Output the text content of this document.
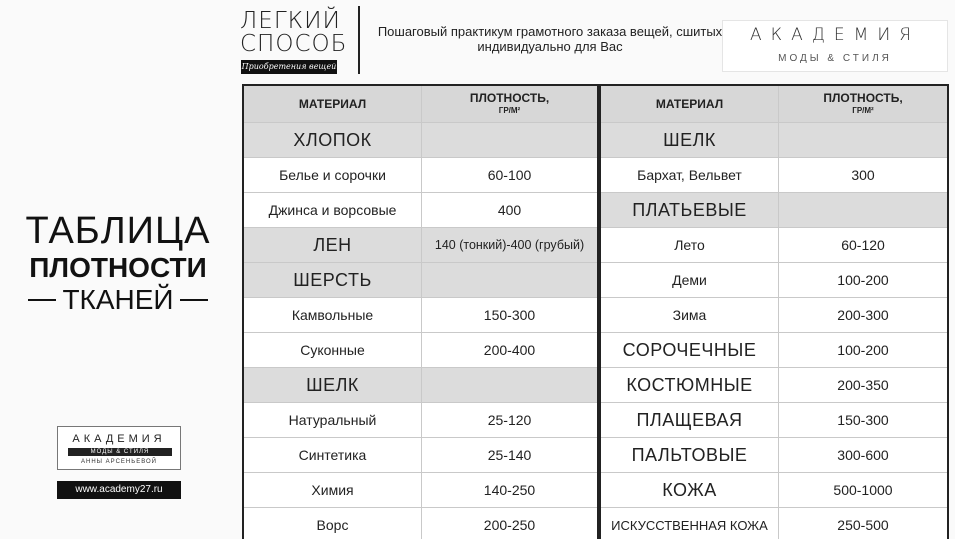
ЛЕГКИЙ
СПОСОБ
Приобретения вещей
Пошаговый практикум грамотного заказа вещей, сшитых индивидуально для Вас
АКАДЕМИЯ
МОДЫ & СТИЛЯ
ТАБЛИЦА
ПЛОТНОСТИ
ТКАНЕЙ
АКАДЕМИЯ
МОДЫ & СТИЛЯ
АННЫ АРСЕНЬЕВОЙ
www.academy27.ru
МАТЕРИАЛ	ПЛОТНОСТЬ,
ГР/М²
ХЛОПОК
Белье и сорочки	60-100
Джинса и ворсовые	400
ЛЕН	140 (тонкий)-400 (грубый)
ШЕРСТЬ
Камвольные	150-300
Суконные	200-400
ШЕЛК
Натуральный	25-120
Синтетика	25-140
Химия	140-250
Ворс	200-250
МАТЕРИАЛ	ПЛОТНОСТЬ,
ГР/М²
ШЕЛК
Бархат, Вельвет	300
ПЛАТЬЕВЫЕ
Лето	60-120
Деми	100-200
Зима	200-300
СОРОЧЕЧНЫЕ	100-200
КОСТЮМНЫЕ	200-350
ПЛАЩЕВАЯ	150-300
ПАЛЬТОВЫЕ	300-600
КОЖА	500-1000
ИСКУССТВЕННАЯ КОЖА	250-500
